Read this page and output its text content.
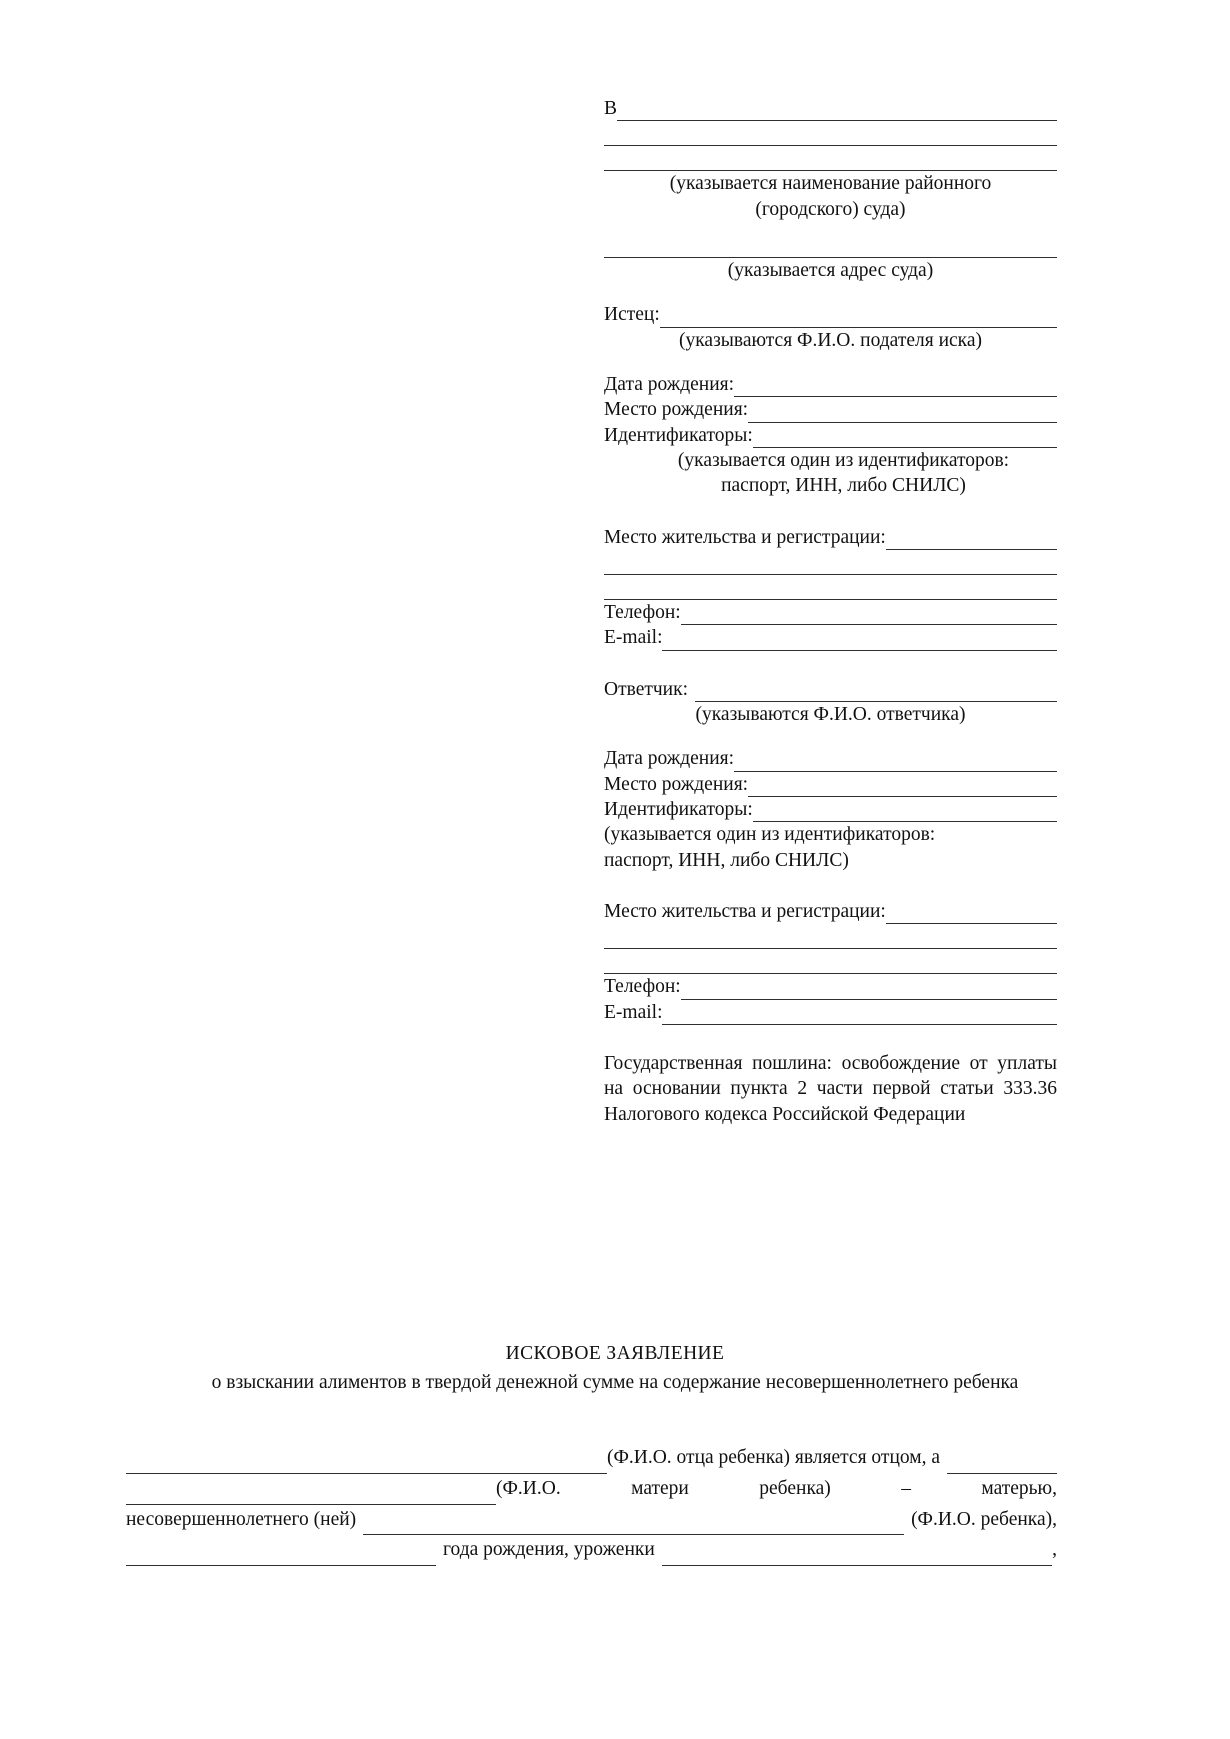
В
(указывается наименование районного
(городского) суда)
(указывается адрес суда)
Истец:
(указываются Ф.И.О. подателя иска)
Дата рождения:
Место рождения:
Идентификаторы:
(указывается один из идентификаторов:
паспорт, ИНН, либо СНИЛС)
Место жительства и регистрации:
Телефон:
E-mail:
Ответчик:
(указываются Ф.И.О. ответчика)
Дата рождения:
Место рождения:
Идентификаторы:
(указывается один из идентификаторов:
паспорт, ИНН, либо СНИЛС)
Место жительства и регистрации:
Телефон:
E-mail:
Государственная пошлина: освобождение от уплаты на основании пункта 2 части первой статьи 333.36 Налогового кодекса Российской Федерации
ИСКОВОЕ ЗАЯВЛЕНИЕ
о взыскании алиментов в твердой денежной сумме на содержание несовершеннолетнего ребенка
(Ф.И.О. отца ребенка) является отцом, а
(Ф.И.О.	матери	ребенка)	–	матерью,
несовершеннолетнего (ней)	(Ф.И.О. ребенка),
года рождения, уроженки	,
